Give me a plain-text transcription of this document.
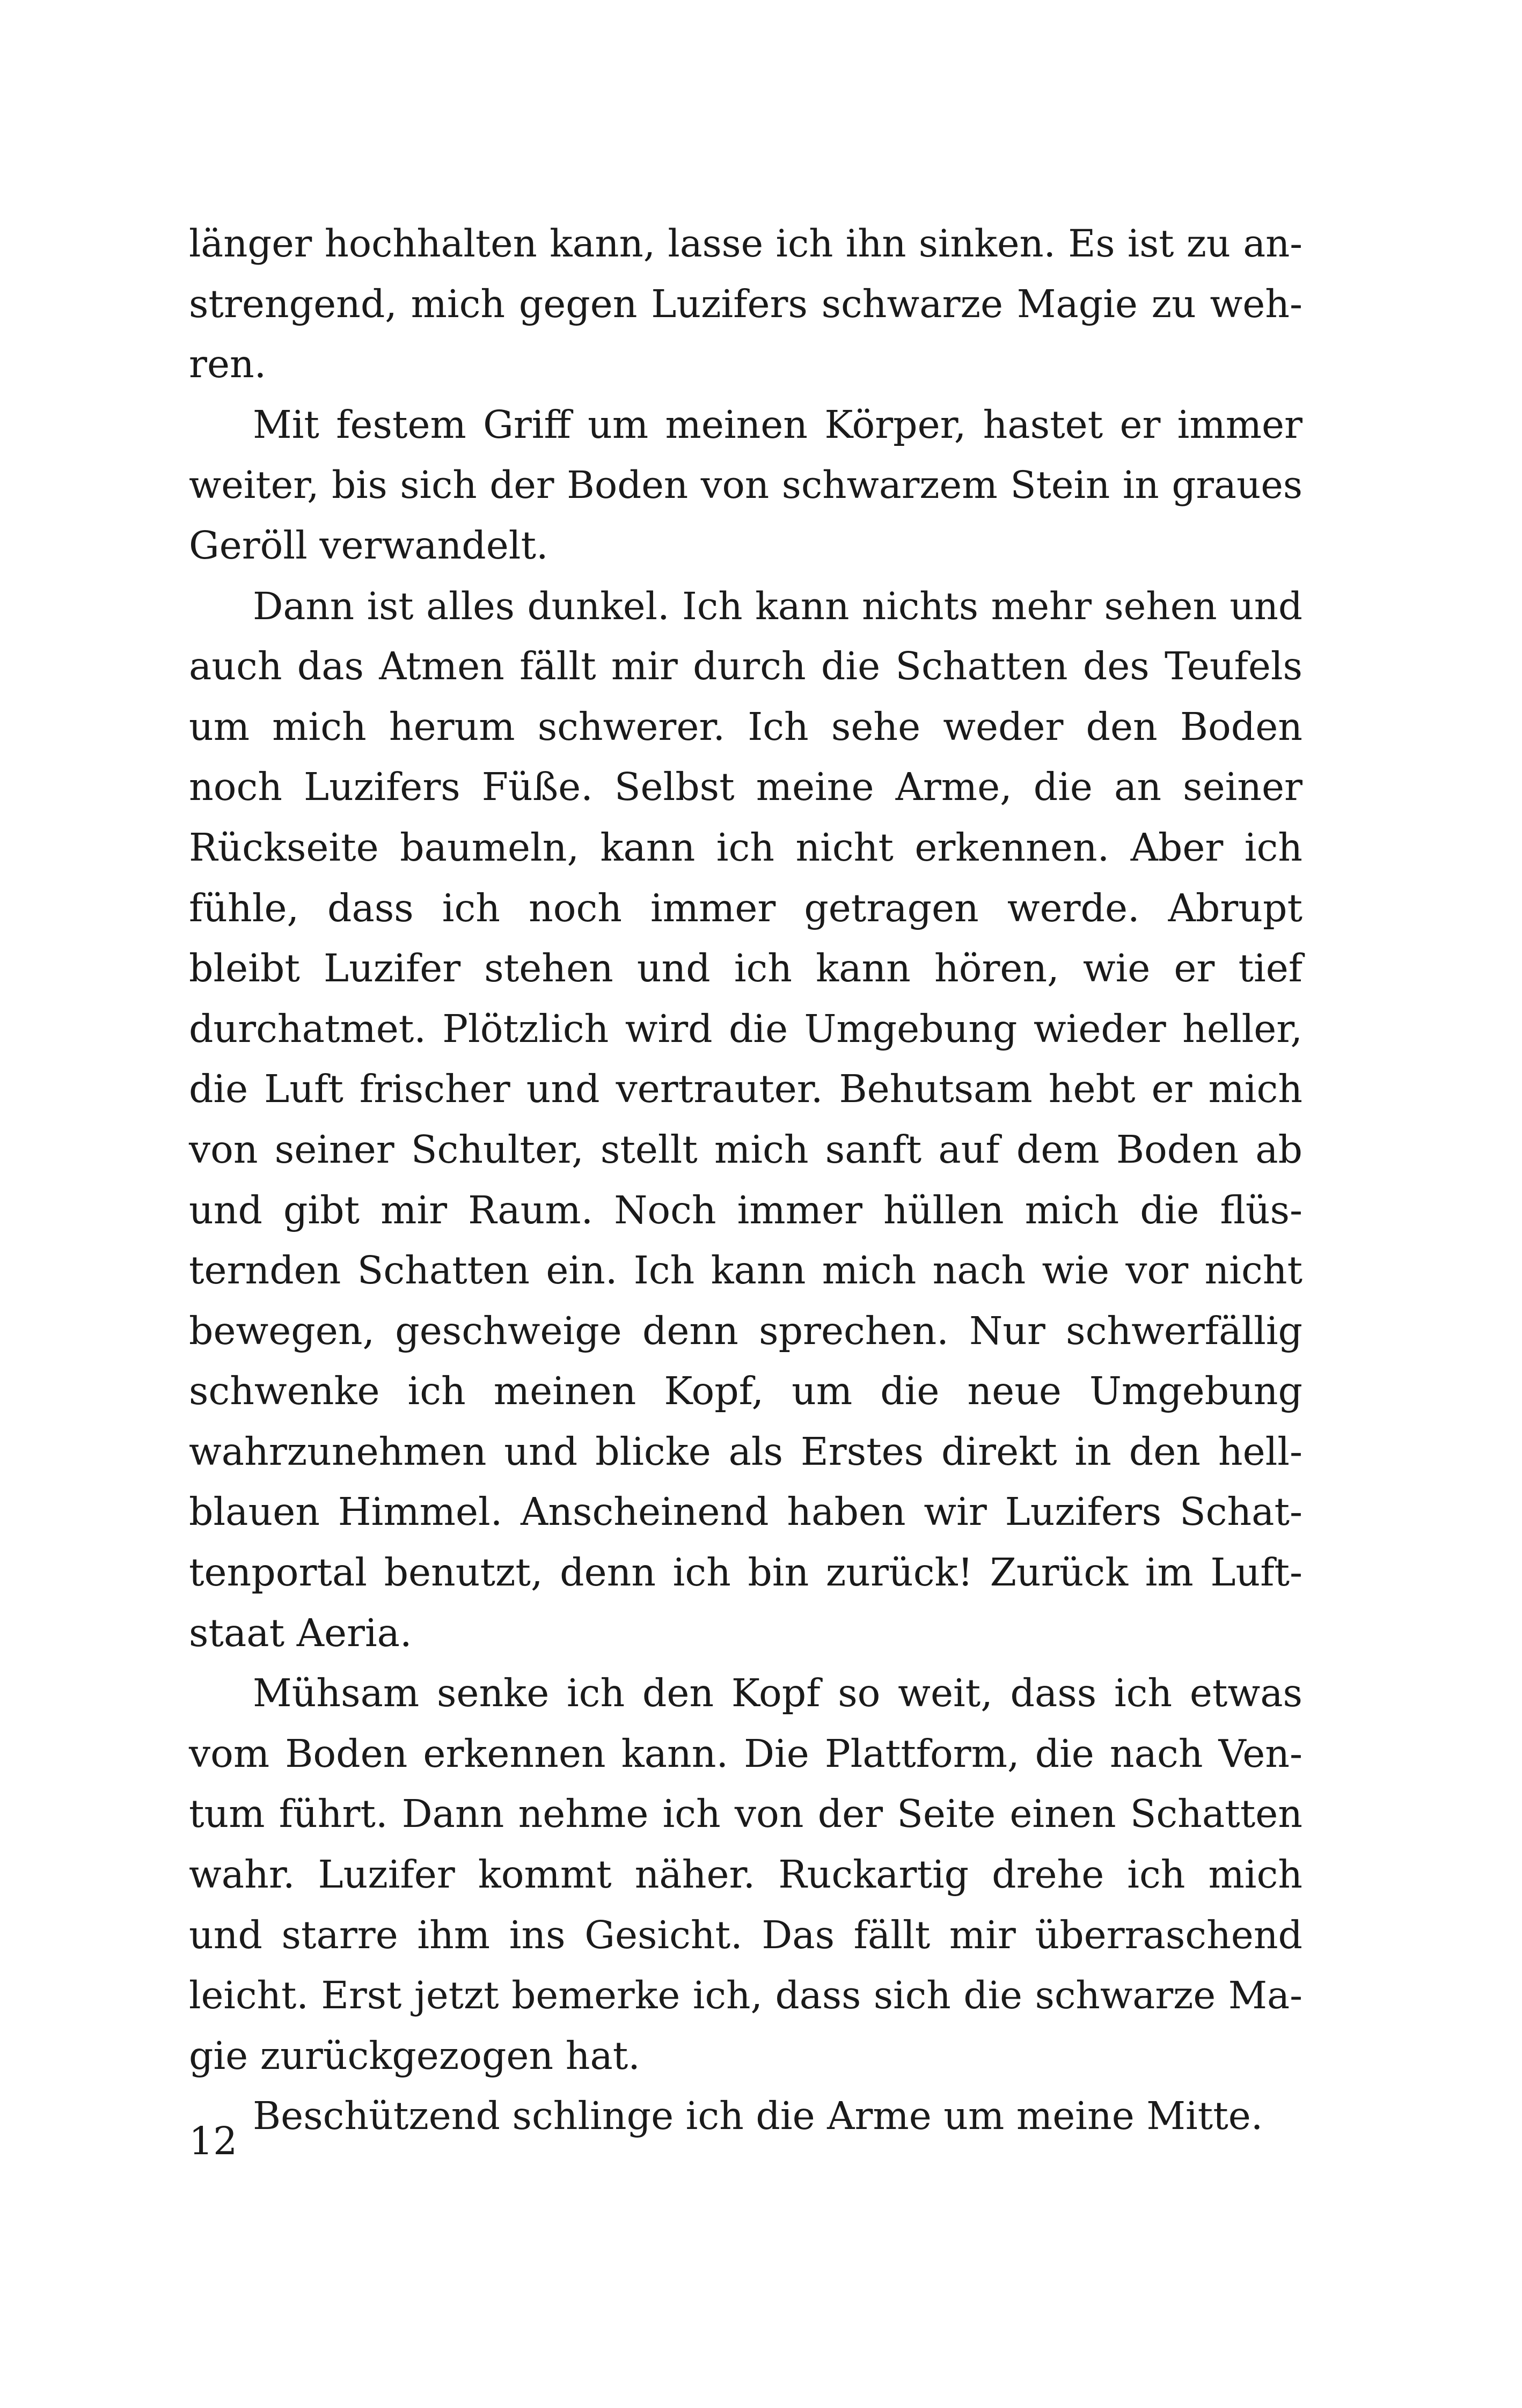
länger hochhalten kann, lasse ich ihn sinken. Es ist zu an-
strengend, mich gegen Luzifers schwarze Magie zu weh-
ren.
Mit festem Griff um meinen Körper, hastet er immer
weiter, bis sich der Boden von schwarzem Stein in graues
Geröll verwandelt.
Dann ist alles dunkel. Ich kann nichts mehr sehen und
auch das Atmen fällt mir durch die Schatten des Teufels
um mich herum schwerer. Ich sehe weder den Boden
noch Luzifers Füße. Selbst meine Arme, die an seiner
Rückseite baumeln, kann ich nicht erkennen. Aber ich
fühle, dass ich noch immer getragen werde. Abrupt
bleibt Luzifer stehen und ich kann hören, wie er tief
durchatmet. Plötzlich wird die Umgebung wieder heller,
die Luft frischer und vertrauter. Behutsam hebt er mich
von seiner Schulter, stellt mich sanft auf dem Boden ab
und gibt mir Raum. Noch immer hüllen mich die flüs-
ternden Schatten ein. Ich kann mich nach wie vor nicht
bewegen, geschweige denn sprechen. Nur schwerfällig
schwenke ich meinen Kopf, um die neue Umgebung
wahrzunehmen und blicke als Erstes direkt in den hell-
blauen Himmel. Anscheinend haben wir Luzifers Schat-
tenportal benutzt, denn ich bin zurück! Zurück im Luft-
staat Aeria.
Mühsam senke ich den Kopf so weit, dass ich etwas
vom Boden erkennen kann. Die Plattform, die nach Ven-
tum führt. Dann nehme ich von der Seite einen Schatten
wahr. Luzifer kommt näher. Ruckartig drehe ich mich
und starre ihm ins Gesicht. Das fällt mir überraschend
leicht. Erst jetzt bemerke ich, dass sich die schwarze Ma-
gie zurückgezogen hat.
Beschützend schlinge ich die Arme um meine Mitte.
12
